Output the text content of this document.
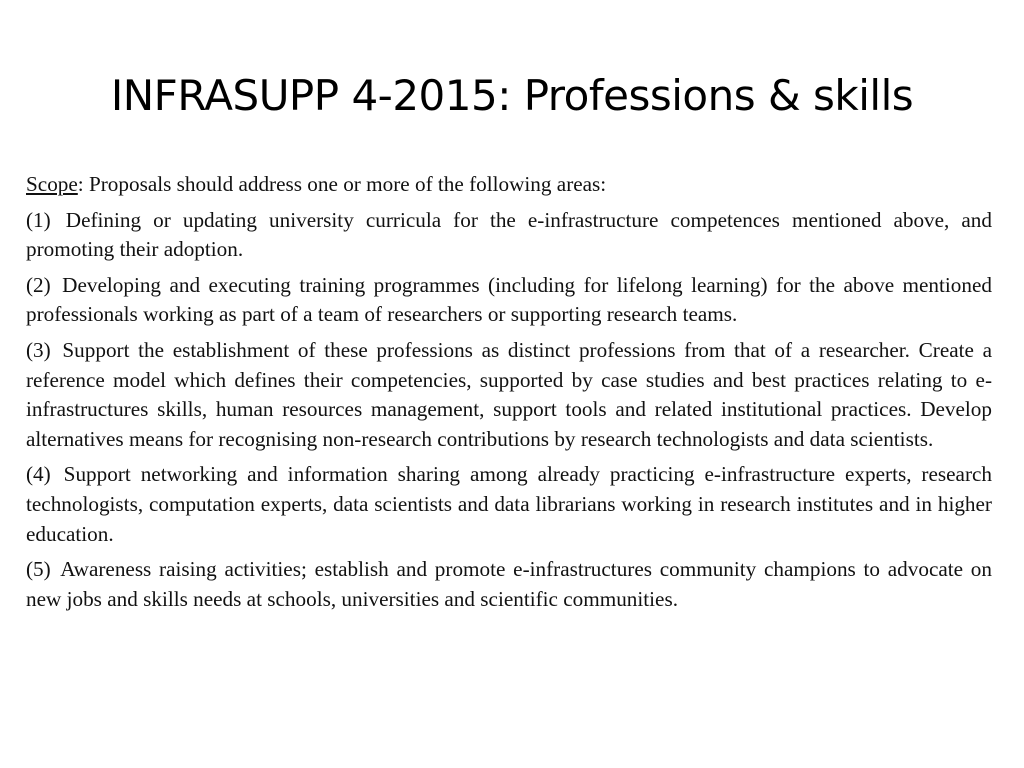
INFRASUPP 4-2015: Professions & skills
Scope: Proposals should address one or more of the following areas:
(1) Defining or updating university curricula for the e-infrastructure competences mentioned above, and promoting their adoption.
(2) Developing and executing training programmes (including for lifelong learning) for the above mentioned professionals working as part of a team of researchers or supporting research teams.
(3) Support the establishment of these professions as distinct professions from that of a researcher. Create a reference model which defines their competencies, supported by case studies and best practices relating to e-infrastructures skills, human resources management, support tools and related institutional practices. Develop alternatives means for recognising non-research contributions by research technologists and data scientists.
(4) Support networking and information sharing among already practicing e-infrastructure experts, research technologists, computation experts, data scientists and data librarians working in research institutes and in higher education.
(5) Awareness raising activities; establish and promote e-infrastructures community champions to advocate on new jobs and skills needs at schools, universities and scientific communities.
